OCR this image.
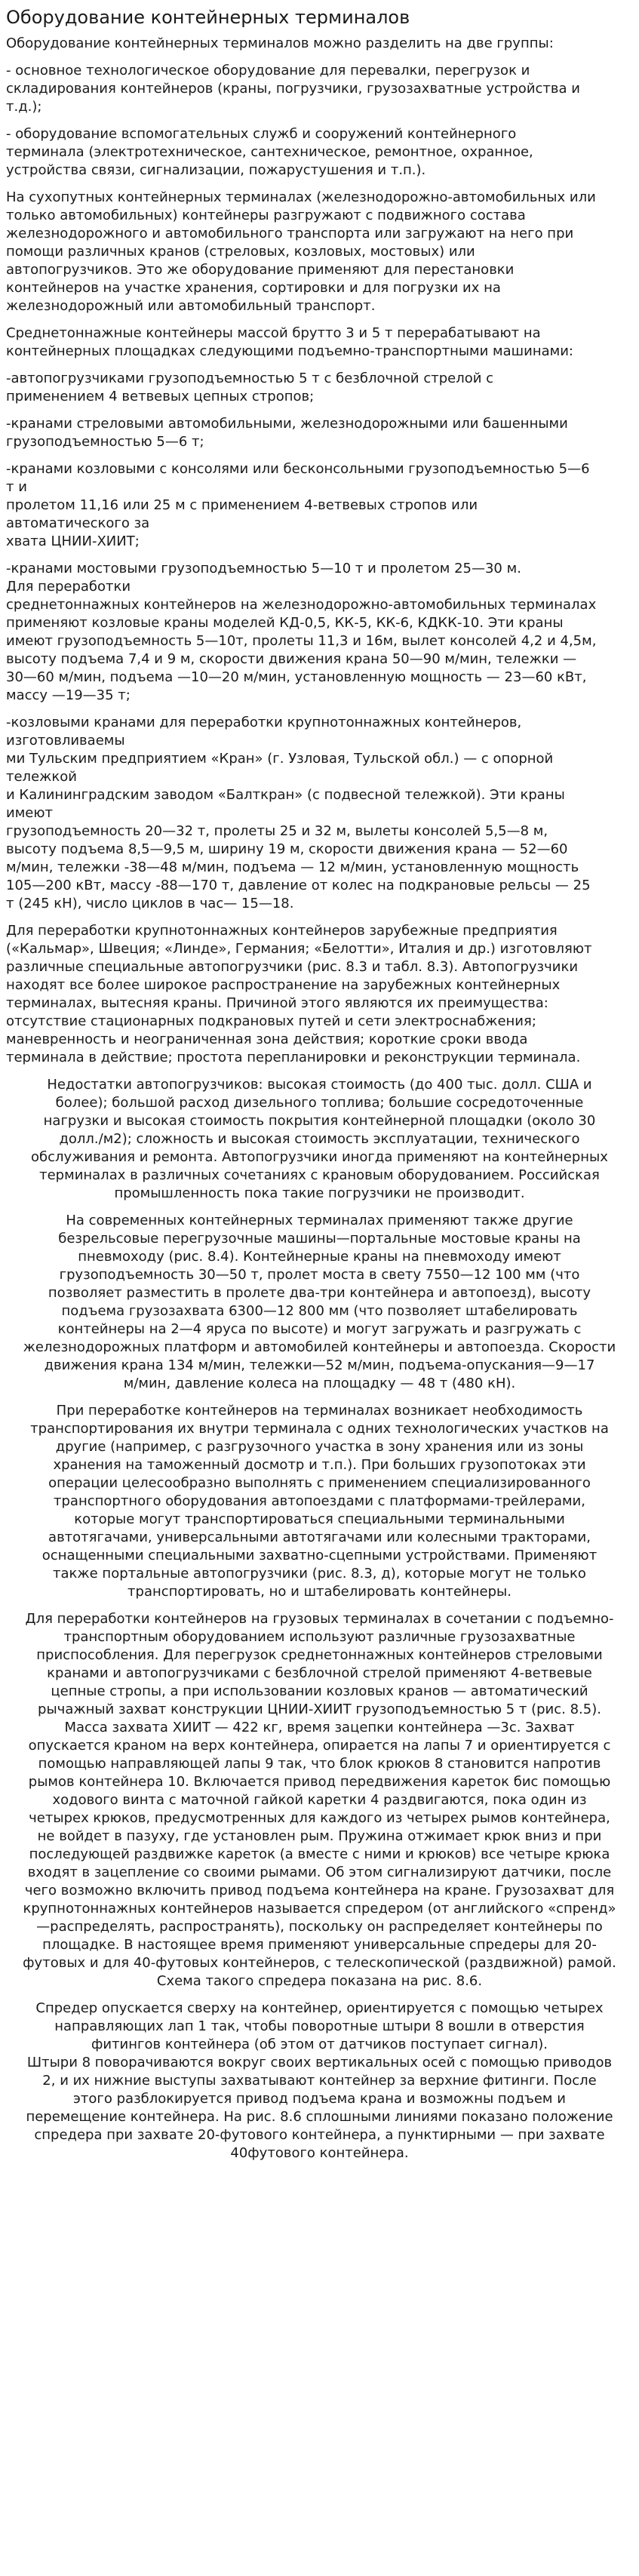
Оборудование контейнерных терминалов
Оборудование контейнерных терминалов можно разделить на две группы:
- основное технологическое оборудование для перевалки, перегрузок и
складирования контейнеров (краны, погрузчики, грузозахватные устройства и
т.д.);
- оборудование вспомогательных служб и сооружений контейнерного
терминала (электротехническое, сантехническое, ремонтное, охранное,
устройства связи, сигнализации, пожарустушения и т.п.).
На сухопутных контейнерных терминалах (железнодорожно-автомобильных или
только автомобильных) контейнеры разгружают с подвижного состава
железнодорожного и автомобильного транспорта или загружают на него при
помощи различных кранов (стреловых, козловых, мостовых) или
автопогрузчиков. Это же оборудование применяют для перестановки
контейнеров на участке хранения, сортировки и для погрузки их на
железнодорожный или автомобильный транспорт.
Среднетоннажные контейнеры массой брутто 3 и 5 т перерабатывают на
контейнерных площадках следующими подъемно-транспортными машинами:
-автопогрузчиками грузоподъемностью 5 т с безблочной стрелой с
применением 4 ветвевых цепных стропов;
-кранами стреловыми автомобильными, железнодорожными или башенными
грузоподъемностью 5—6 т;
-кранами козловыми с консолями или бесконсольными грузоподъемностью 5—6
т и
пролетом 11,16 или 25 м с применением 4-ветвевых стропов или
автоматического за
хвата ЦНИИ-ХИИТ;
-кранами мостовыми грузоподъемностью 5—10 т и пролетом 25—30 м.
Для переработки
среднетоннажных контейнеров на железнодорожно-автомобильных терминалах
применяют козловые краны моделей КД-0,5, КК-5, КК-6, КДКК-10. Эти краны
имеют грузоподъемность 5—10т, пролеты 11,3 и 16м, вылет консолей 4,2 и 4,5м,
высоту подъема 7,4 и 9 м, скорости движения крана 50—90 м/мин, тележки —
30—60 м/мин, подъема —10—20 м/мин, установленную мощность — 23—60 кВт,
массу —19—35 т;
-козловыми кранами для переработки крупнотоннажных контейнеров,
изготовливаемы
ми Тульским предприятием «Кран» (г. Узловая, Тульской обл.) — с опорной
тележкой
и Калининградским заводом «Балткран» (с подвесной тележкой). Эти краны
имеют
грузоподъемность 20—32 т, пролеты 25 и 32 м, вылеты консолей 5,5—8 м,
высоту подъема 8,5—9,5 м, ширину 19 м, скорости движения крана — 52—60
м/мин, тележки -38—48 м/мин, подъема — 12 м/мин, установленную мощность
105—200 кВт, массу -88—170 т, давление от колес на подкрановые рельсы — 25
т (245 кН), число циклов в час— 15—18.
Для переработки крупнотоннажных контейнеров зарубежные предприятия
(«Кальмар», Швеция; «Линде», Германия; «Белотти», Италия и др.) изготовляют
различные специальные автопогрузчики (рис. 8.3 и табл. 8.3). Автопогрузчики
находят все более широкое распространение на зарубежных контейнерных
терминалах, вытесняя краны. Причиной этого являются их преимущества:
отсутствие стационарных подкрановых путей и сети электроснабжения;
маневренность и неограниченная зона действия; короткие сроки ввода
терминала в действие; простота перепланировки и реконструкции терминала.
Недостатки автопогрузчиков: высокая стоимость (до 400 тыс. долл. США и
более); большой расход дизельного топлива; большие сосредоточенные
нагрузки и высокая стоимость покрытия контейнерной площадки (около 30
долл./м2); сложность и высокая стоимость эксплуатации, технического
обслуживания и ремонта. Автопогрузчики иногда применяют на контейнерных
терминалах в различных сочетаниях с крановым оборудованием. Российская
промышленность пока такие погрузчики не производит.
На современных контейнерных терминалах применяют также другие
безрельсовые перегрузочные машины—портальные мостовые краны на
пневмоходу (рис. 8.4). Контейнерные краны на пневмоходу имеют
грузоподъемность 30—50 т, пролет моста в свету 7550—12 100 мм (что
позволяет разместить в пролете два-три контейнера и автопоезд), высоту
подъема грузозахвата 6300—12 800 мм (что позволяет штабелировать
контейнеры на 2—4 яруса по высоте) и могут загружать и разгружать с
железнодорожных платформ и автомобилей контейнеры и автопоезда. Скорости
движения крана 134 м/мин, тележки—52 м/мин, подъема-опускания—9—17
м/мин, давление колеса на площадку — 48 т (480 кН).
При переработке контейнеров на терминалах возникает необходимость
транспортирования их внутри терминала с одних технологических участков на
другие (например, с разгрузочного участка в зону хранения или из зоны
хранения на таможенный досмотр и т.п.). При больших грузопотоках эти
операции целесообразно выполнять с применением специализированного
транспортного оборудования автопоездами с платформами-трейлерами,
которые могут транспортироваться специальными терминальными
автотягачами, универсальными автотягачами или колесными тракторами,
оснащенными специальными захватно-сцепными устройствами. Применяют
также портальные автопогрузчики (рис. 8.3, д), которые могут не только
транспортировать, но и штабелировать контейнеры.
Для переработки контейнеров на грузовых терминалах в сочетании с подъемно-
транспортным оборудованием используют различные грузозахватные
приспособления. Для перегрузок среднетоннажных контейнеров стреловыми
кранами и автопогрузчиками с безблочной стрелой применяют 4-ветвевые
цепные стропы, а при использовании козловых кранов — автоматический
рычажный захват конструкции ЦНИИ-ХИИТ грузоподъемностью 5 т (рис. 8.5).
Масса захвата ХИИТ — 422 кг, время зацепки контейнера —3с. Захват
опускается краном на верх контейнера, опирается на лапы 7 и ориентируется с
помощью направляющей лапы 9 так, что блок крюков 8 становится напротив
рымов контейнера 10. Включается привод передвижения кареток бис помощью
ходового винта с маточной гайкой каретки 4 раздвигаются, пока один из
четырех крюков, предусмотренных для каждого из четырех рымов контейнера,
не войдет в пазуху, где установлен рым. Пружина отжимает крюк вниз и при
последующей раздвижке кареток (а вместе с ними и крюков) все четыре крюка
входят в зацепление со своими рымами. Об этом сигнализируют датчики, после
чего возможно включить привод подъема контейнера на кране. Грузозахват для
крупнотоннажных контейнеров называется спредером (от английского «спренд»
—распределять, распространять), поскольку он распределяет контейнеры по
площадке. В настоящее время применяют универсальные спредеры для 20-
футовых и для 40-футовых контейнеров, с телескопической (раздвижной) рамой.
Схема такого спредера показана на рис. 8.6.
Спредер опускается сверху на контейнер, ориентируется с помощью четырех
направляющих лап 1 так, чтобы поворотные штыри 8 вошли в отверстия
фитингов контейнера (об этом от датчиков поступает сигнал).
Штыри 8 поворачиваются вокруг своих вертикальных осей с помощью приводов
2, и их нижние выступы захватывают контейнер за верхние фитинги. После
этого разблокируется привод подъема крана и возможны подъем и
перемещение контейнера. На рис. 8.6 сплошными линиями показано положение
спредера при захвате 20-футового контейнера, а пунктирными — при захвате
40футового контейнера.
